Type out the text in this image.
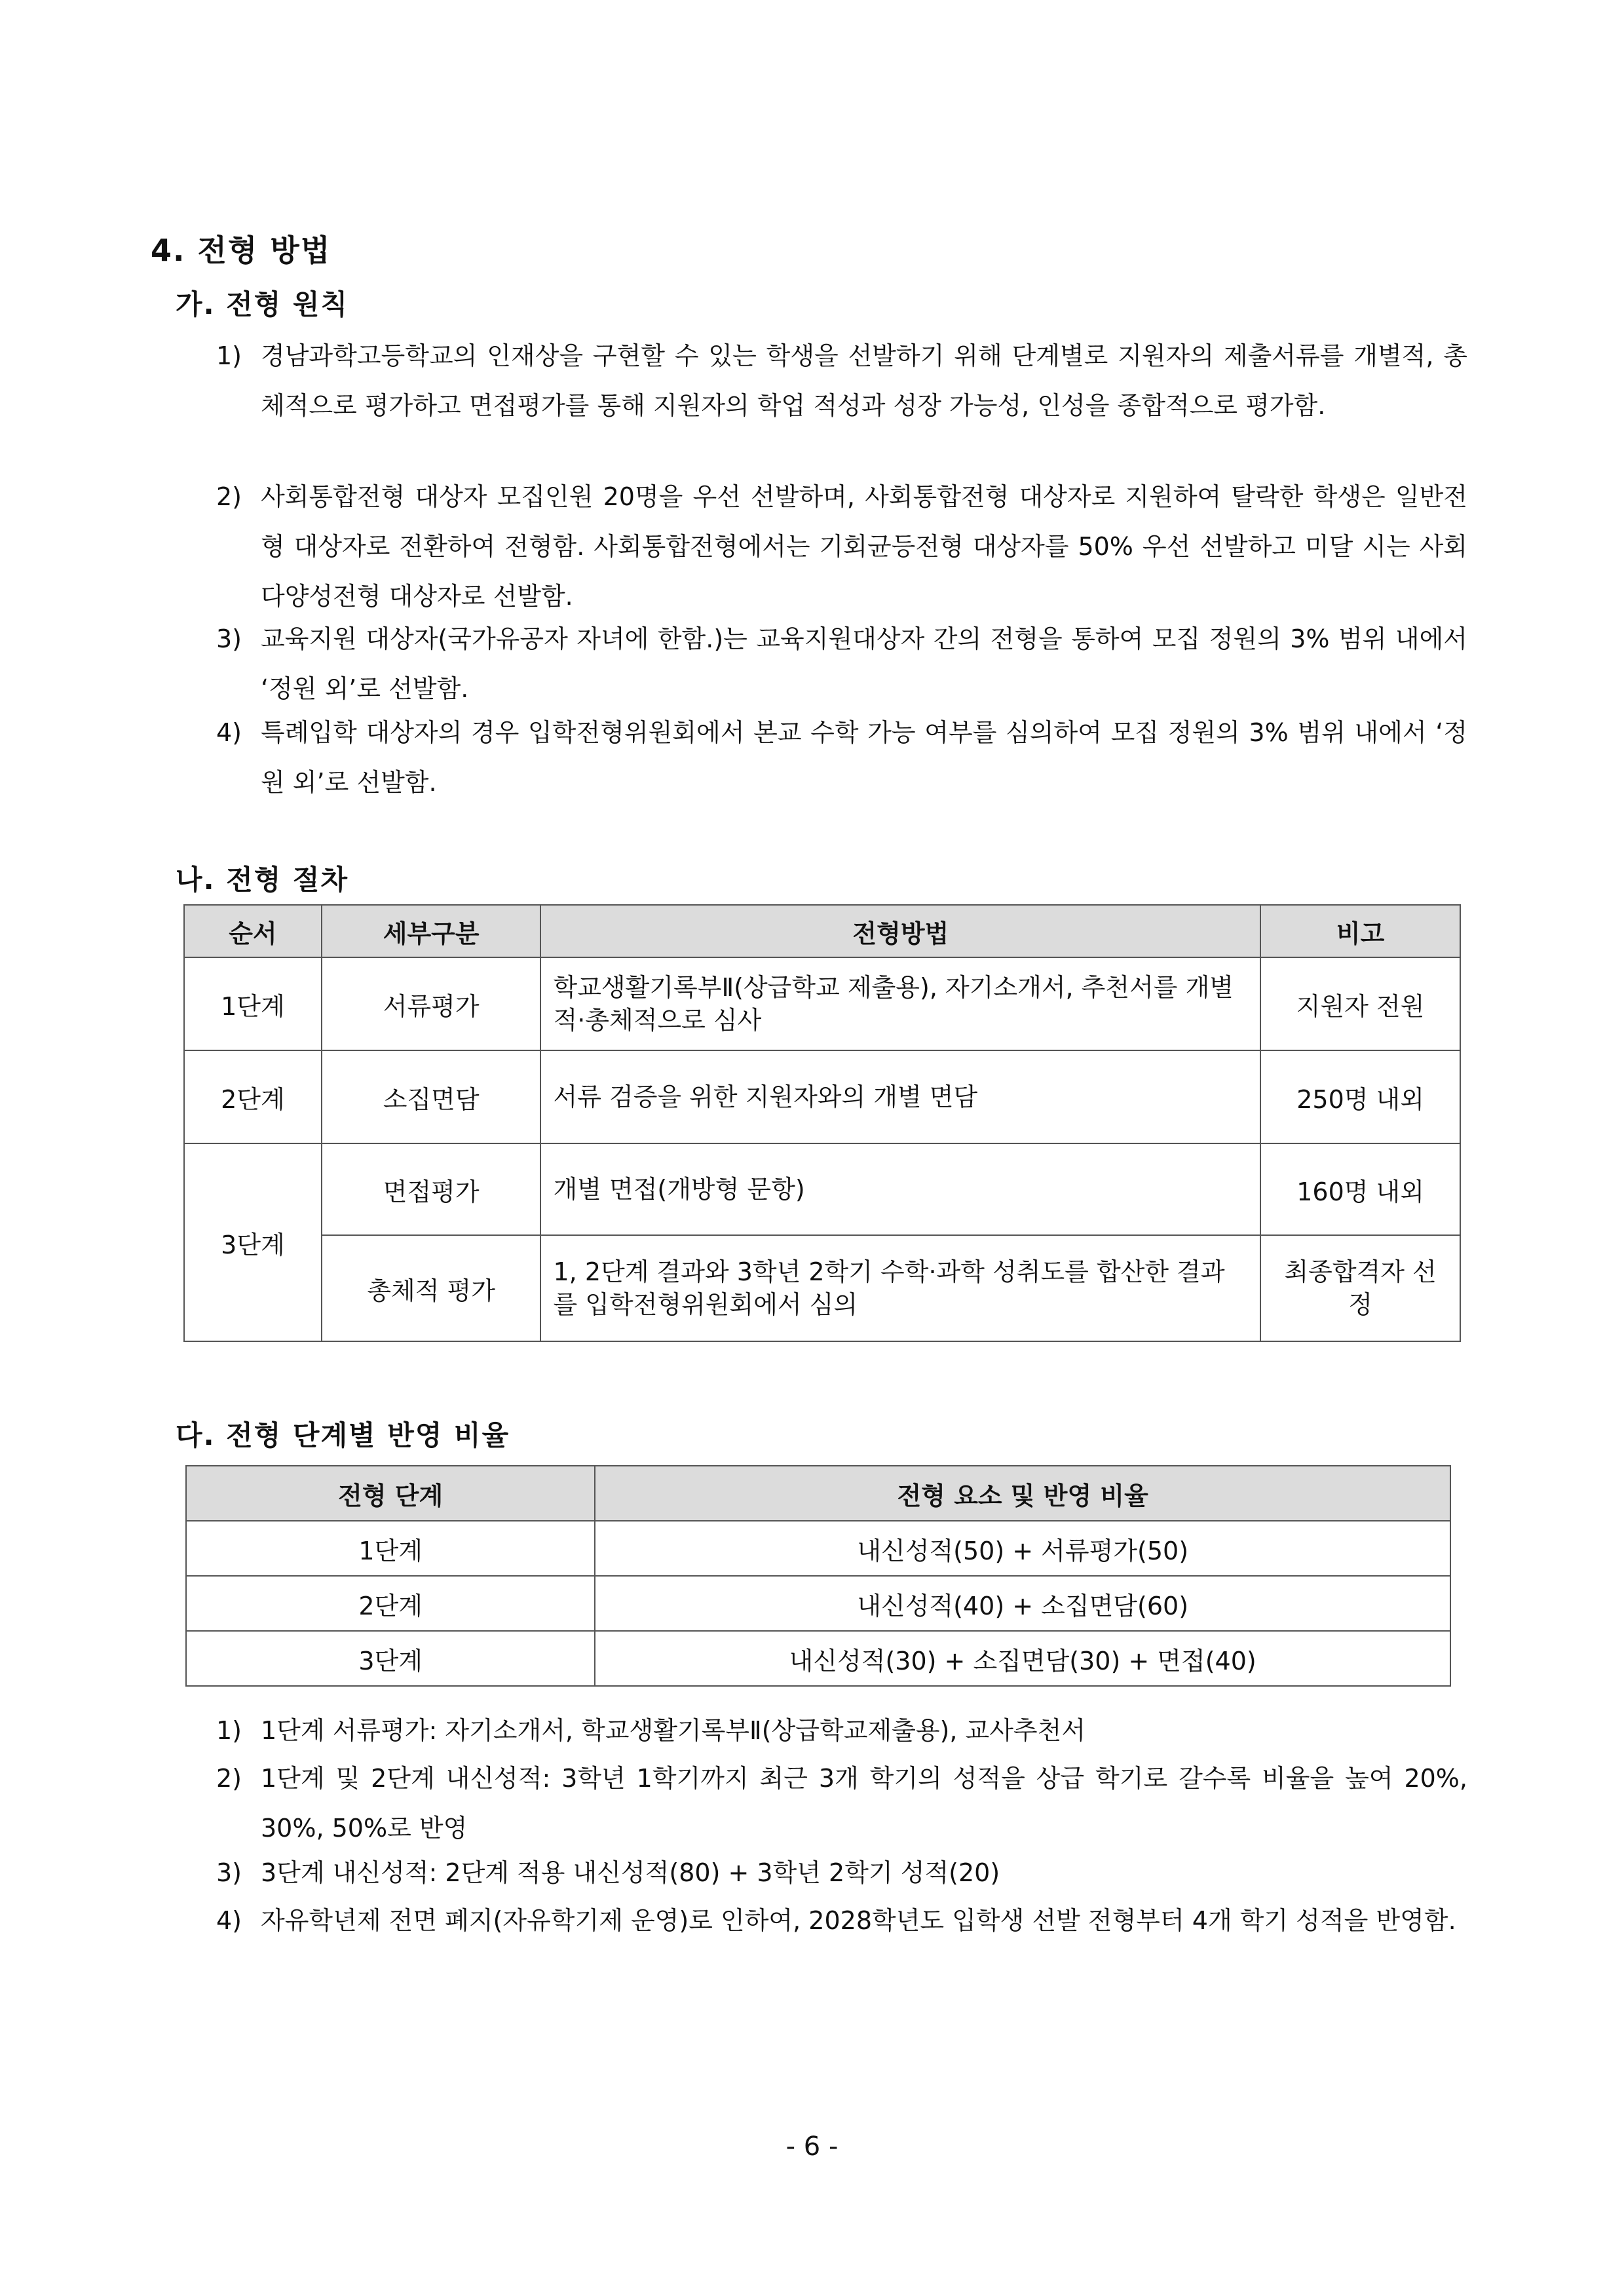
4. 전형 방법
가. 전형 원칙
1) 경남과학고등학교의 인재상을 구현할 수 있는 학생을 선발하기 위해 단계별로 지원자의 제출서류를 개별적, 총체적으로 평가하고 면접평가를 통해 지원자의 학업 적성과 성장 가능성, 인성을 종합적으로 평가함.
2) 사회통합전형 대상자 모집인원 20명을 우선 선발하며, 사회통합전형 대상자로 지원하여 탈락한 학생은 일반전형 대상자로 전환하여 전형함. 사회통합전형에서는 기회균등전형 대상자를 50% 우선 선발하고 미달 시는 사회다양성전형 대상자로 선발함.
3) 교육지원 대상자(국가유공자 자녀에 한함.)는 교육지원대상자 간의 전형을 통하여 모집 정원의 3% 범위 내에서 ‘정원 외’로 선발함.
4) 특례입학 대상자의 경우 입학전형위원회에서 본교 수학 가능 여부를 심의하여 모집 정원의 3% 범위 내에서 ‘정원 외’로 선발함.
나. 전형 절차
순서	세부구분	전형방법	비고
1단계	서류평가	학교생활기록부Ⅱ(상급학교 제출용), 자기소개서, 추천서를 개별적·총체적으로 심사	지원자 전원
2단계	소집면담	서류 검증을 위한 지원자와의 개별 면담	250명 내외
3단계	면접평가	개별 면접(개방형 문항)	160명 내외
	총체적 평가	1, 2단계 결과와 3학년 2학기 수학·과학 성취도를 합산한 결과를 입학전형위원회에서 심의	최종합격자 선정
다. 전형 단계별 반영 비율
전형 단계	전형 요소 및 반영 비율
1단계	내신성적(50) + 서류평가(50)
2단계	내신성적(40) + 소집면담(60)
3단계	내신성적(30) + 소집면담(30) + 면접(40)
1) 1단계 서류평가: 자기소개서, 학교생활기록부Ⅱ(상급학교제출용), 교사추천서
2) 1단계 및 2단계 내신성적: 3학년 1학기까지 최근 3개 학기의 성적을 상급 학기로 갈수록 비율을 높여 20%, 30%, 50%로 반영
3) 3단계 내신성적: 2단계 적용 내신성적(80) + 3학년 2학기 성적(20)
4) 자유학년제 전면 폐지(자유학기제 운영)로 인하여, 2028학년도 입학생 선발 전형부터 4개 학기 성적을 반영함.
- 6 -
